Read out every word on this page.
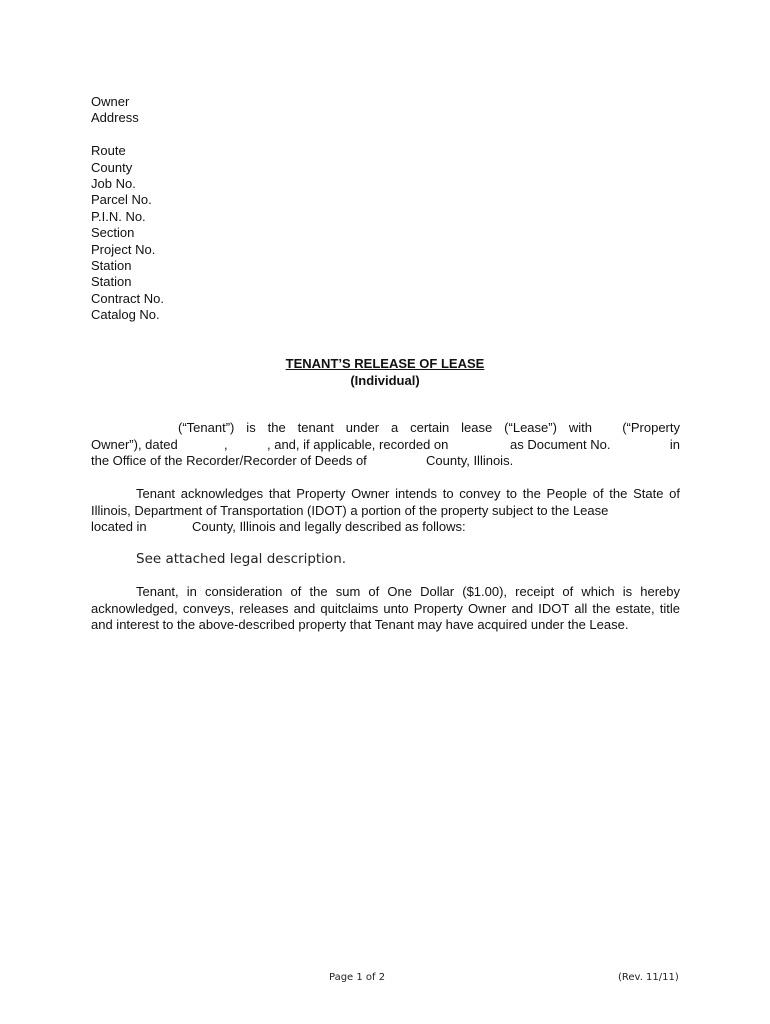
Owner
Address
Route
County
Job No.
Parcel No.
P.I.N. No.
Section
Project No.
Station
Station
Contract No.
Catalog No.
TENANT’S RELEASE OF LEASE
(Individual)
(“Tenant”) is the tenant under a certain lease (“Lease”) with (“Property
Owner”), dated	,	, and, if applicable, recorded on	as Document No.	in
the Office of the Recorder/Recorder of Deeds of	County, Illinois.
Tenant acknowledges that Property Owner intends to convey to the People of the State of Illinois, Department of Transportation (IDOT) a portion of the property subject to the Lease
located in	County, Illinois and legally described as follows:
See attached legal description.
Tenant, in consideration of the sum of One Dollar ($1.00), receipt of which is hereby acknowledged, conveys, releases and quitclaims unto Property Owner and IDOT all the estate, title and interest to the above-described property that Tenant may have acquired under the Lease.
Page 1 of 2	(Rev. 11/11)
